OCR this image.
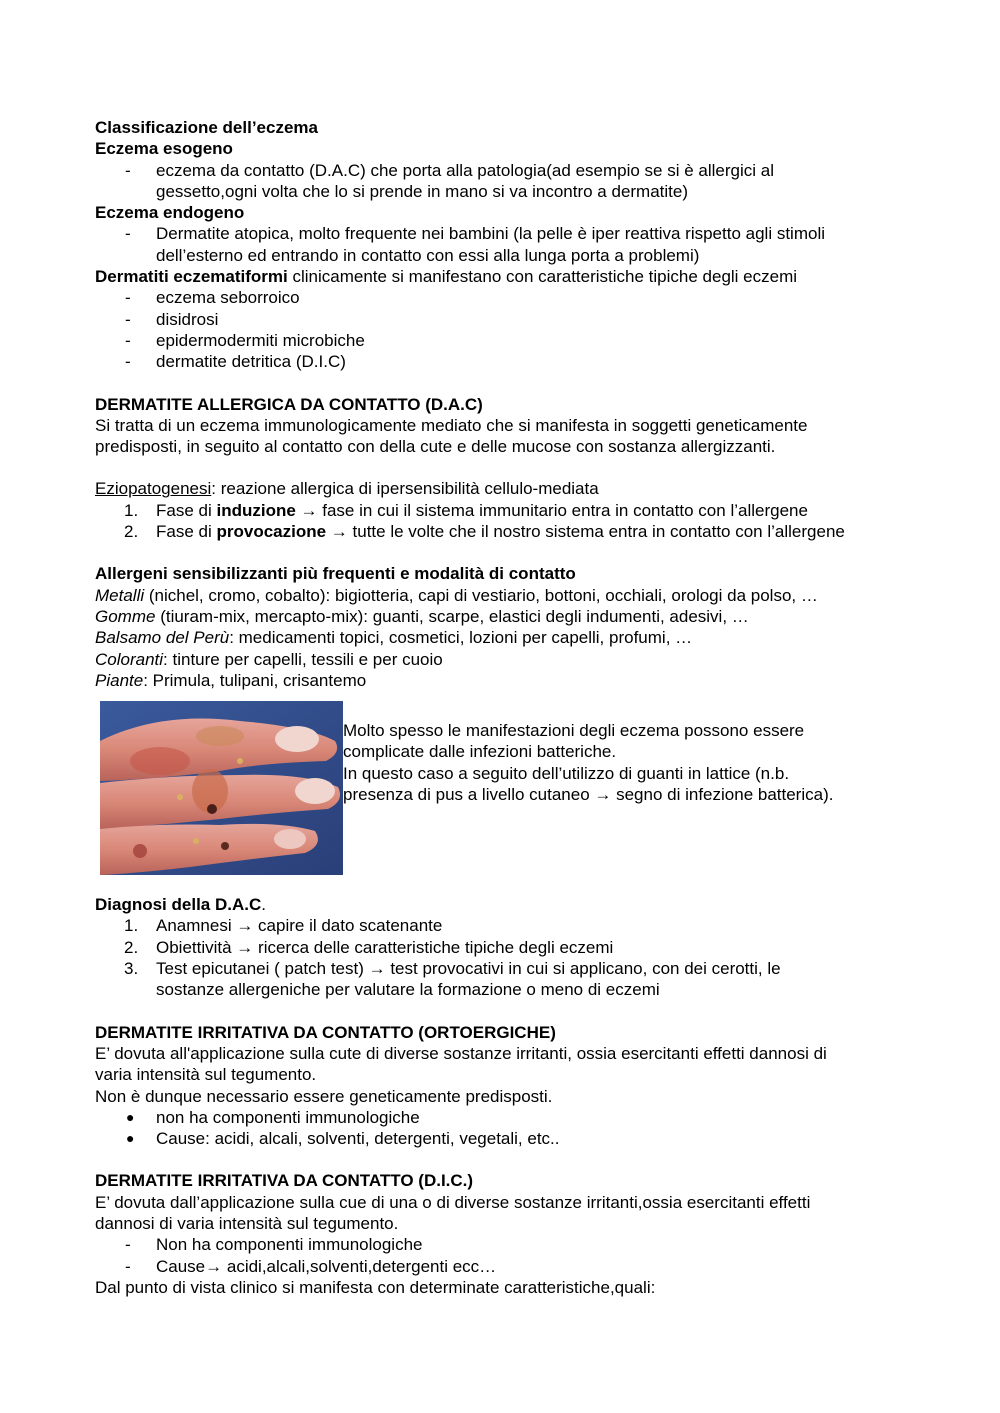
Classificazione dell’eczema
Eczema esogeno
- eczema da contatto (D.A.C) che porta alla patologia(ad esempio se si è allergici al
gessetto,ogni volta che lo si prende in mano si va incontro a dermatite)
Eczema endogeno
- Dermatite atopica, molto frequente nei bambini (la pelle è iper reattiva rispetto agli stimoli
dell’esterno ed entrando in contatto con essi alla lunga porta a problemi)
Dermatiti eczematiformi clinicamente si manifestano con caratteristiche tipiche degli eczemi
- eczema seborroico
- disidrosi
- epidermodermiti microbiche
- dermatite detritica (D.I.C)
DERMATITE ALLERGICA DA CONTATTO (D.A.C)
Si tratta di un eczema immunologicamente mediato che si manifesta in soggetti geneticamente
predisposti, in seguito al contatto con della cute e delle mucose con sostanza allergizzanti.
Eziopatogenesi: reazione allergica di ipersensibilità cellulo-mediata
1. Fase di induzione → fase in cui il sistema immunitario entra in contatto con l’allergene
2. Fase di provocazione → tutte le volte che il nostro sistema entra in contatto con l’allergene
Allergeni sensibilizzanti più frequenti e modalità di contatto
Metalli (nichel, cromo, cobalto): bigiotteria, capi di vestiario, bottoni, occhiali, orologi da polso, …
Gomme (tiuram-mix, mercapto-mix): guanti, scarpe, elastici degli indumenti, adesivi, …
Balsamo del Perù: medicamenti topici, cosmetici, lozioni per capelli, profumi, …
Coloranti: tinture per capelli, tessili e per cuoio
Piante: Primula, tulipani, crisantemo
Molto spesso le manifestazioni degli eczema possono essere
complicate dalle infezioni batteriche.
In questo caso a seguito dell’utilizzo di guanti in lattice (n.b.
presenza di pus a livello cutaneo → segno di infezione batterica).
Diagnosi della D.A.C.
1. Anamnesi → capire il dato scatenante
2. Obiettività → ricerca delle caratteristiche tipiche degli eczemi
3. Test epicutanei ( patch test) → test provocativi in cui si applicano, con dei cerotti, le
sostanze allergeniche per valutare la formazione o meno di eczemi
DERMATITE IRRITATIVA DA CONTATTO (ORTOERGICHE)
E’ dovuta all'applicazione sulla cute di diverse sostanze irritanti, ossia esercitanti effetti dannosi di
varia intensità sul tegumento.
Non è dunque necessario essere geneticamente predisposti.
● non ha componenti immunologiche
● Cause: acidi, alcali, solventi, detergenti, vegetali, etc..
DERMATITE IRRITATIVA DA CONTATTO (D.I.C.)
E’ dovuta dall’applicazione sulla cue di una o di diverse sostanze irritanti,ossia esercitanti effetti
dannosi di varia intensità sul tegumento.
- Non ha componenti immunologiche
- Cause→ acidi,alcali,solventi,detergenti ecc…
Dal punto di vista clinico si manifesta con determinate caratteristiche,quali:
